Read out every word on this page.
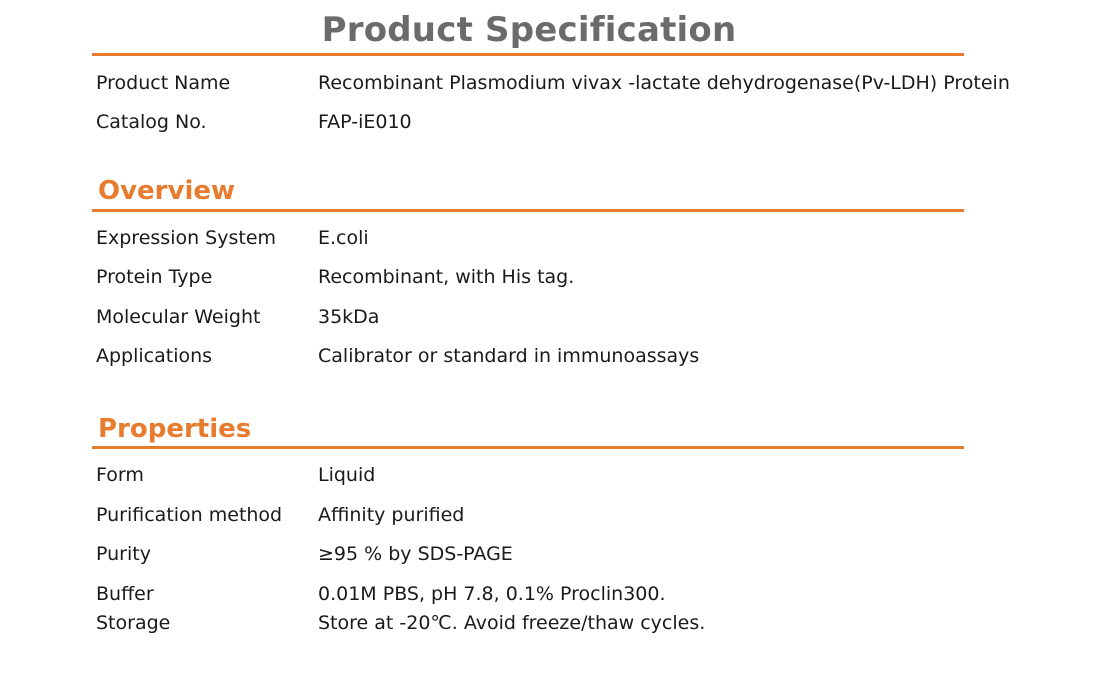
Product Specification
Product Name	Recombinant Plasmodium vivax -lactate dehydrogenase(Pv-LDH) Protein
Catalog No.	FAP-iE010
Overview
Expression System E.coli
Protein Type	Recombinant, with His tag.
Molecular Weight	35kDa
Applications	Calibrator or standard in immunoassays
Properties
Form	Liquid
Purification method Affinity purified
Purity	≥95 % by SDS-PAGE
Buffer	0.01M PBS, pH 7.8, 0.1% Proclin300.
Storage	Store at -20℃. Avoid freeze/thaw cycles.
